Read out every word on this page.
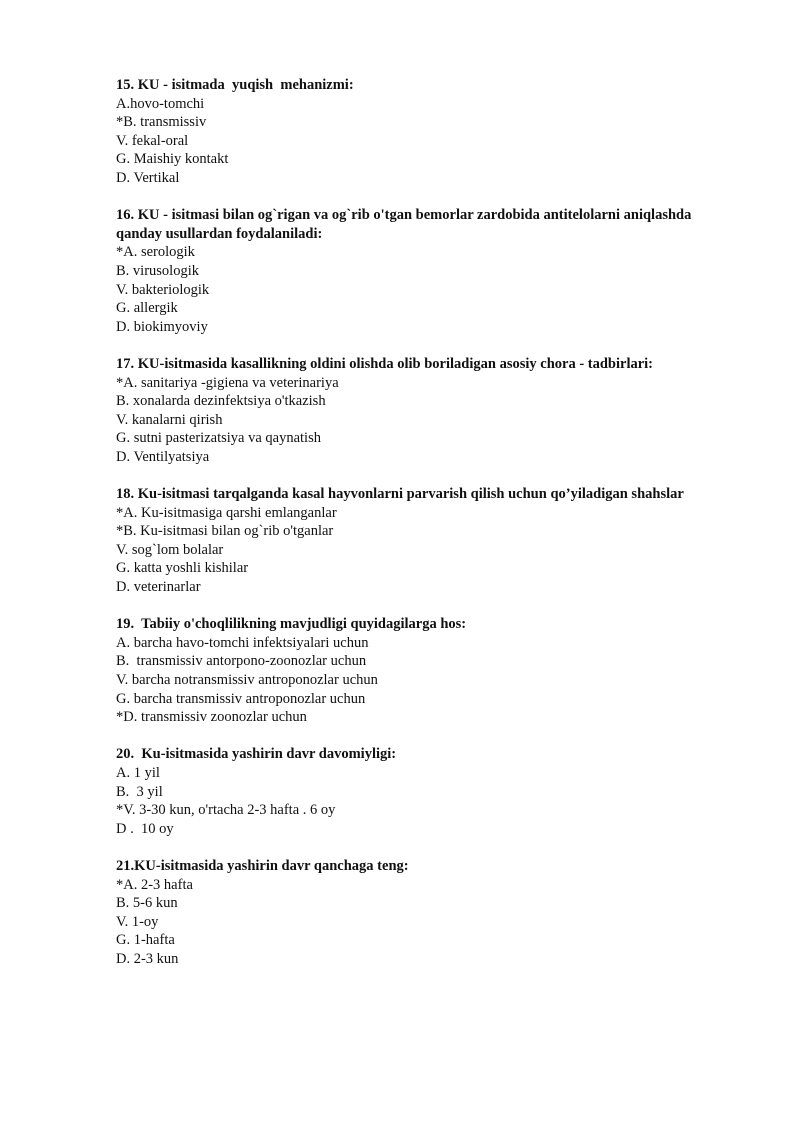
15. KU - isitmada  yuqish  mehanizmi:
A.hovo-tomchi
*B. transmissiv
V. fekal-oral
G. Maishiy kontakt
D. Vertikal
16. KU - isitmasi bilan og`rigan va og`rib o'tgan bemorlar zardobida antitelolarni aniqlashda qanday usullardan foydalaniladi:
*A. serologik
B. virusologik
V. bakteriologik
G. allergik
D. biokimyoviy
17. KU-isitmasida kasallikning oldini olishda olib boriladigan asosiy chora - tadbirlari:
*A. sanitariya -gigiena va veterinariya
B. xonalarda dezinfektsiya o'tkazish
V. kanalarni qirish
G. sutni pasterizatsiya va qaynatish
D. Ventilyatsiya
18. Ku-isitmasi tarqalganda kasal hayvonlarni parvarish qilish uchun qo’yiladigan shahslar
*A. Ku-isitmasiga qarshi emlanganlar
*B. Ku-isitmasi bilan og`rib o'tganlar
V. sog`lom bolalar
G. katta yoshli kishilar
D. veterinarlar
19.  Tabiiy o'choqlilikning mavjudligi quyidagilarga hos:
A. barcha havo-tomchi infektsiyalari uchun
B.  transmissiv antorpono-zoonozlar uchun
V. barcha notransmissiv antroponozlar uchun
G. barcha transmissiv antroponozlar uchun
*D. transmissiv zoonozlar uchun
20.  Ku-isitmasida yashirin davr davomiyligi:
A. 1 yil
B.  3 yil
*V. 3-30 kun, o'rtacha 2-3 hafta . 6 oy
D .  10 oy
21.KU-isitmasida yashirin davr qanchaga teng:
*A. 2-3 hafta
B. 5-6 kun
V. 1-oy
G. 1-hafta
D. 2-3 kun
